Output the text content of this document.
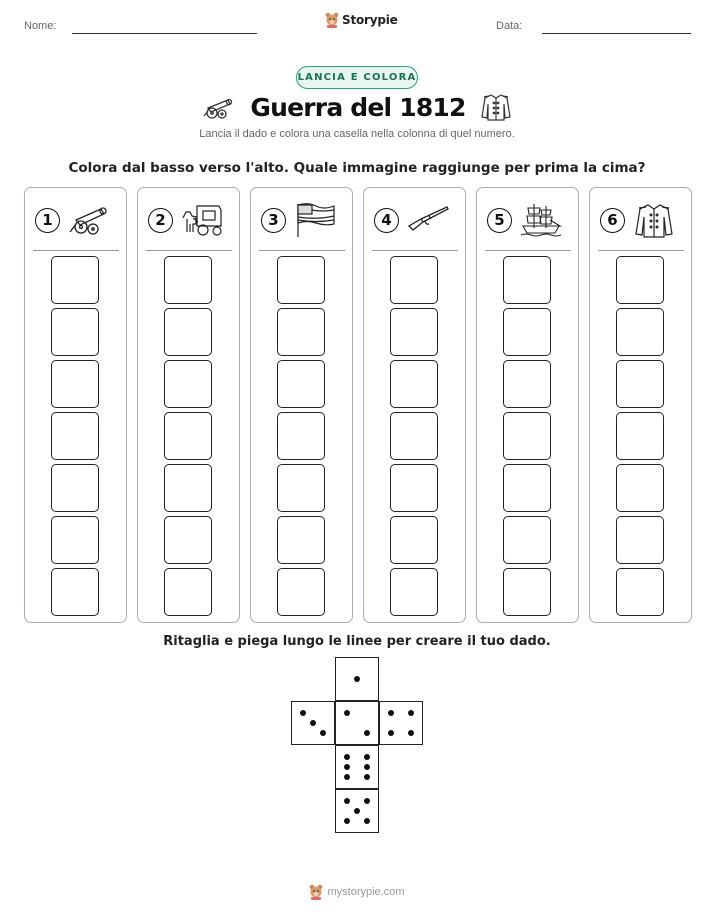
Nome:	Storypie	Data:
LANCIA E COLORA
Guerra del 1812
Lancia il dado e colora una casella nella colonna di quel numero.
Colora dal basso verso l'alto. Quale immagine raggiunge per prima la cima?
1	2	3	4	5	6
Ritaglia e piega lungo le linee per creare il tuo dado.
mystorypie.com
